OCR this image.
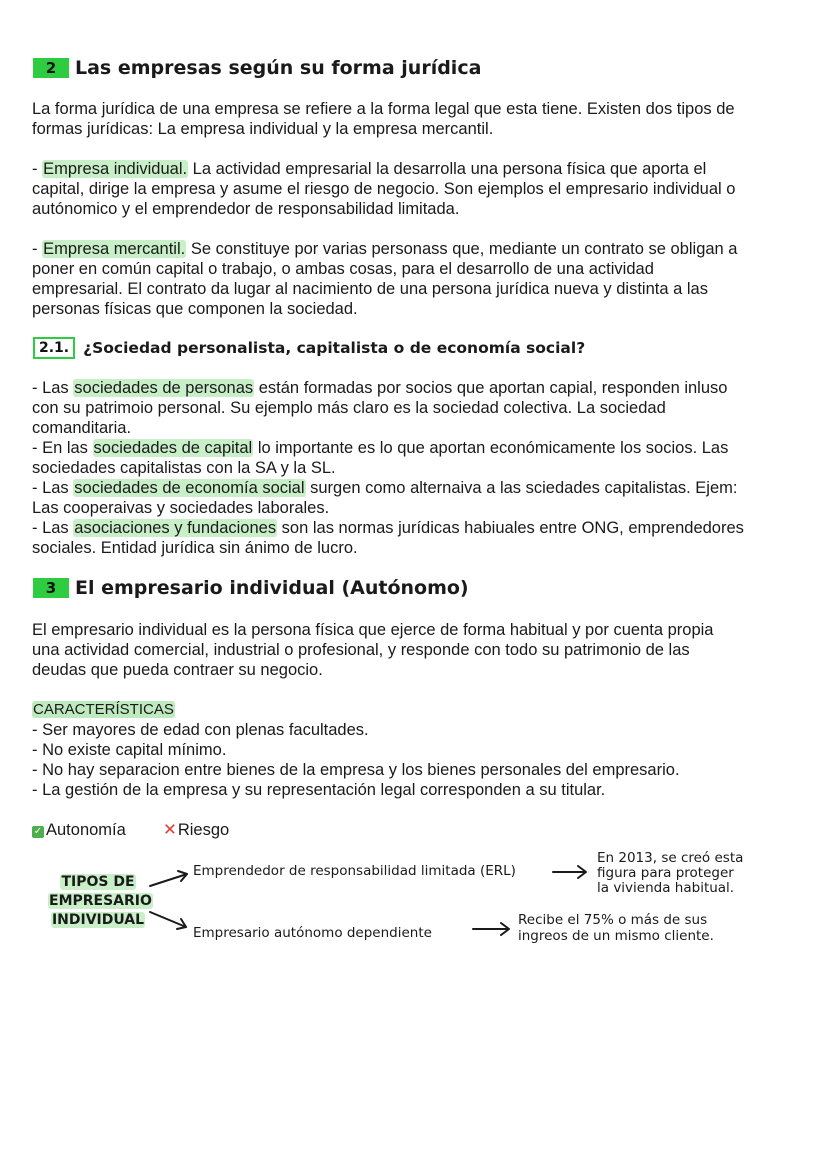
2 Las empresas según su forma jurídica

La forma jurídica de una empresa se refiere a la forma legal que esta tiene. Existen dos tipos de

formas jurídicas: La empresa individual y la empresa mercantil.

- Empresa individual. La actividad empresarial la desarrolla una persona física que aporta el

capital, dirige la empresa y asume el riesgo de negocio. Son ejemplos el empresario individual o

autónomico y el emprendedor de responsabilidad limitada.

- Empresa mercantil. Se constituye por varias personass que, mediante un contrato se obligan a

poner en común capital o trabajo, o ambas cosas, para el desarrollo de una actividad

empresarial. El contrato da lugar al nacimiento de una persona jurídica nueva y distinta a las

personas físicas que componen la sociedad.

2.1. ¿Sociedad personalista, capitalista o de economía social?

- Las sociedades de personas están formadas por socios que aportan capial, responden inluso

con su patrimoio personal. Su ejemplo más claro es la sociedad colectiva. La sociedad

comanditaria.

- En las sociedades de capital lo importante es lo que aportan económicamente los socios. Las

sociedades capitalistas con la SA y la SL.

- Las sociedades de economía social surgen como alternaiva a las sciedades capitalistas. Ejem:

Las cooperaivas y sociedades laborales.

- Las asociaciones y fundaciones son las normas jurídicas habiuales entre ONG, emprendedores

sociales. Entidad jurídica sin ánimo de lucro.

3 El empresario individual (Autónomo)

El empresario individual es la persona física que ejerce de forma habitual y por cuenta propia

una actividad comercial, industrial o profesional, y responde con todo su patrimonio de las

deudas que pueda contraer su negocio.

CARACTERÍSTICAS

- Ser mayores de edad con plenas facultades.

- No existe capital mínimo.

- No hay separacion entre bienes de la empresa y los bienes personales del empresario.

- La gestión de la empresa y su representación legal corresponden a su titular.

✓ Autonomía ✕Riesgo
TIPOS DE
EMPRESARIO
INDIVIDUAL
Emprendedor de responsabilidad limitada (ERL)
En 2013, se creó esta
figura para proteger
la vivienda habitual.
Empresario autónomo dependiente
Recibe el 75% o más de sus
ingreos de un mismo cliente.
